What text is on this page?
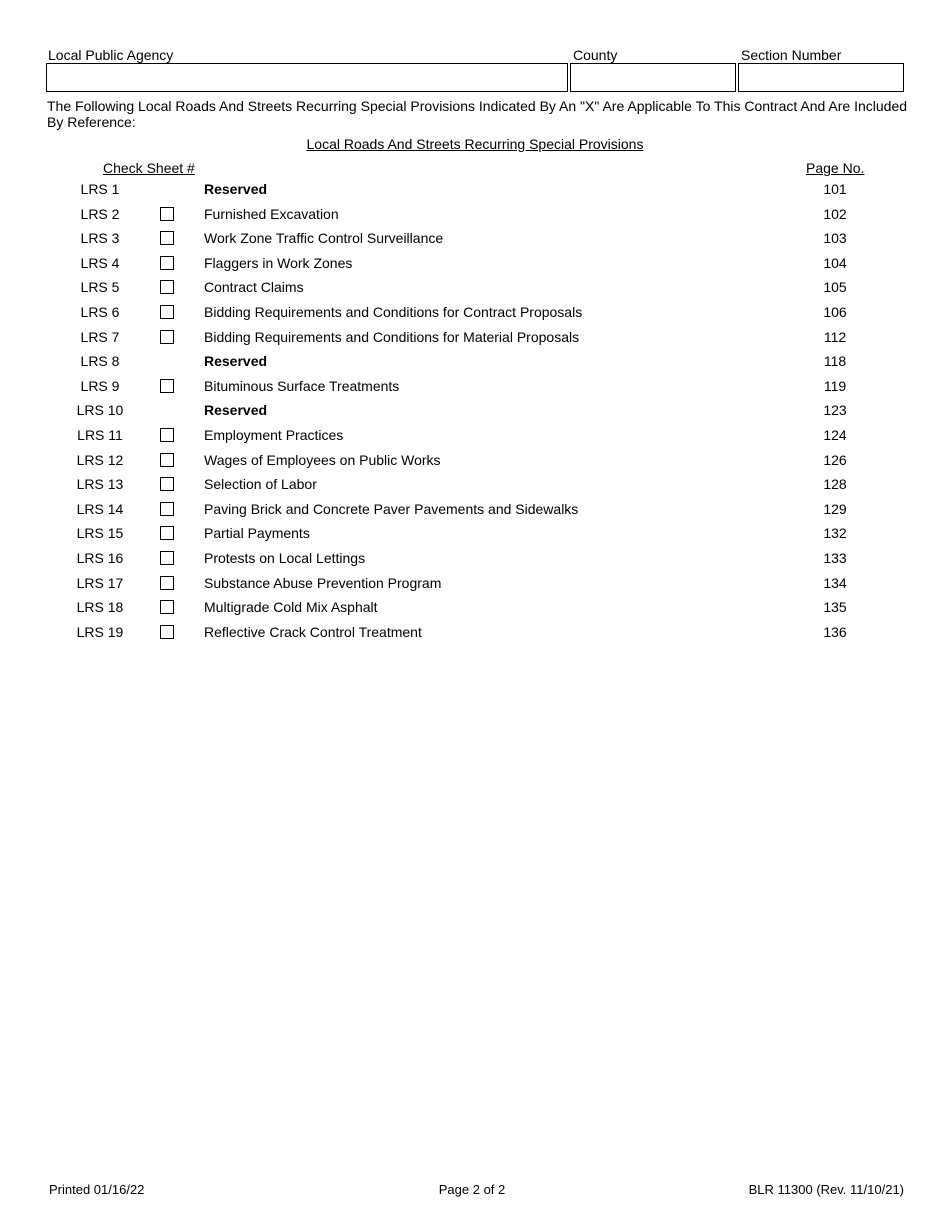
Local Public Agency	County	Section Number
The Following Local Roads And Streets Recurring Special Provisions Indicated By An "X" Are Applicable To This Contract And Are Included By Reference:
Local Roads And Streets Recurring Special Provisions
Check Sheet #	Page No.
LRS 1	Reserved	101
LRS 2	Furnished Excavation	102
LRS 3	Work Zone Traffic Control Surveillance	103
LRS 4	Flaggers in Work Zones	104
LRS 5	Contract Claims	105
LRS 6	Bidding Requirements and Conditions for Contract Proposals	106
LRS 7	Bidding Requirements and Conditions for Material Proposals	112
LRS 8	Reserved	118
LRS 9	Bituminous Surface Treatments	119
LRS 10	Reserved	123
LRS 11	Employment Practices	124
LRS 12	Wages of Employees on Public Works	126
LRS 13	Selection of Labor	128
LRS 14	Paving Brick and Concrete Paver Pavements and Sidewalks	129
LRS 15	Partial Payments	132
LRS 16	Protests on Local Lettings	133
LRS 17	Substance Abuse Prevention Program	134
LRS 18	Multigrade Cold Mix Asphalt	135
LRS 19	Reflective Crack Control Treatment	136
Printed 01/16/22	Page 2 of 2	BLR 11300 (Rev. 11/10/21)
